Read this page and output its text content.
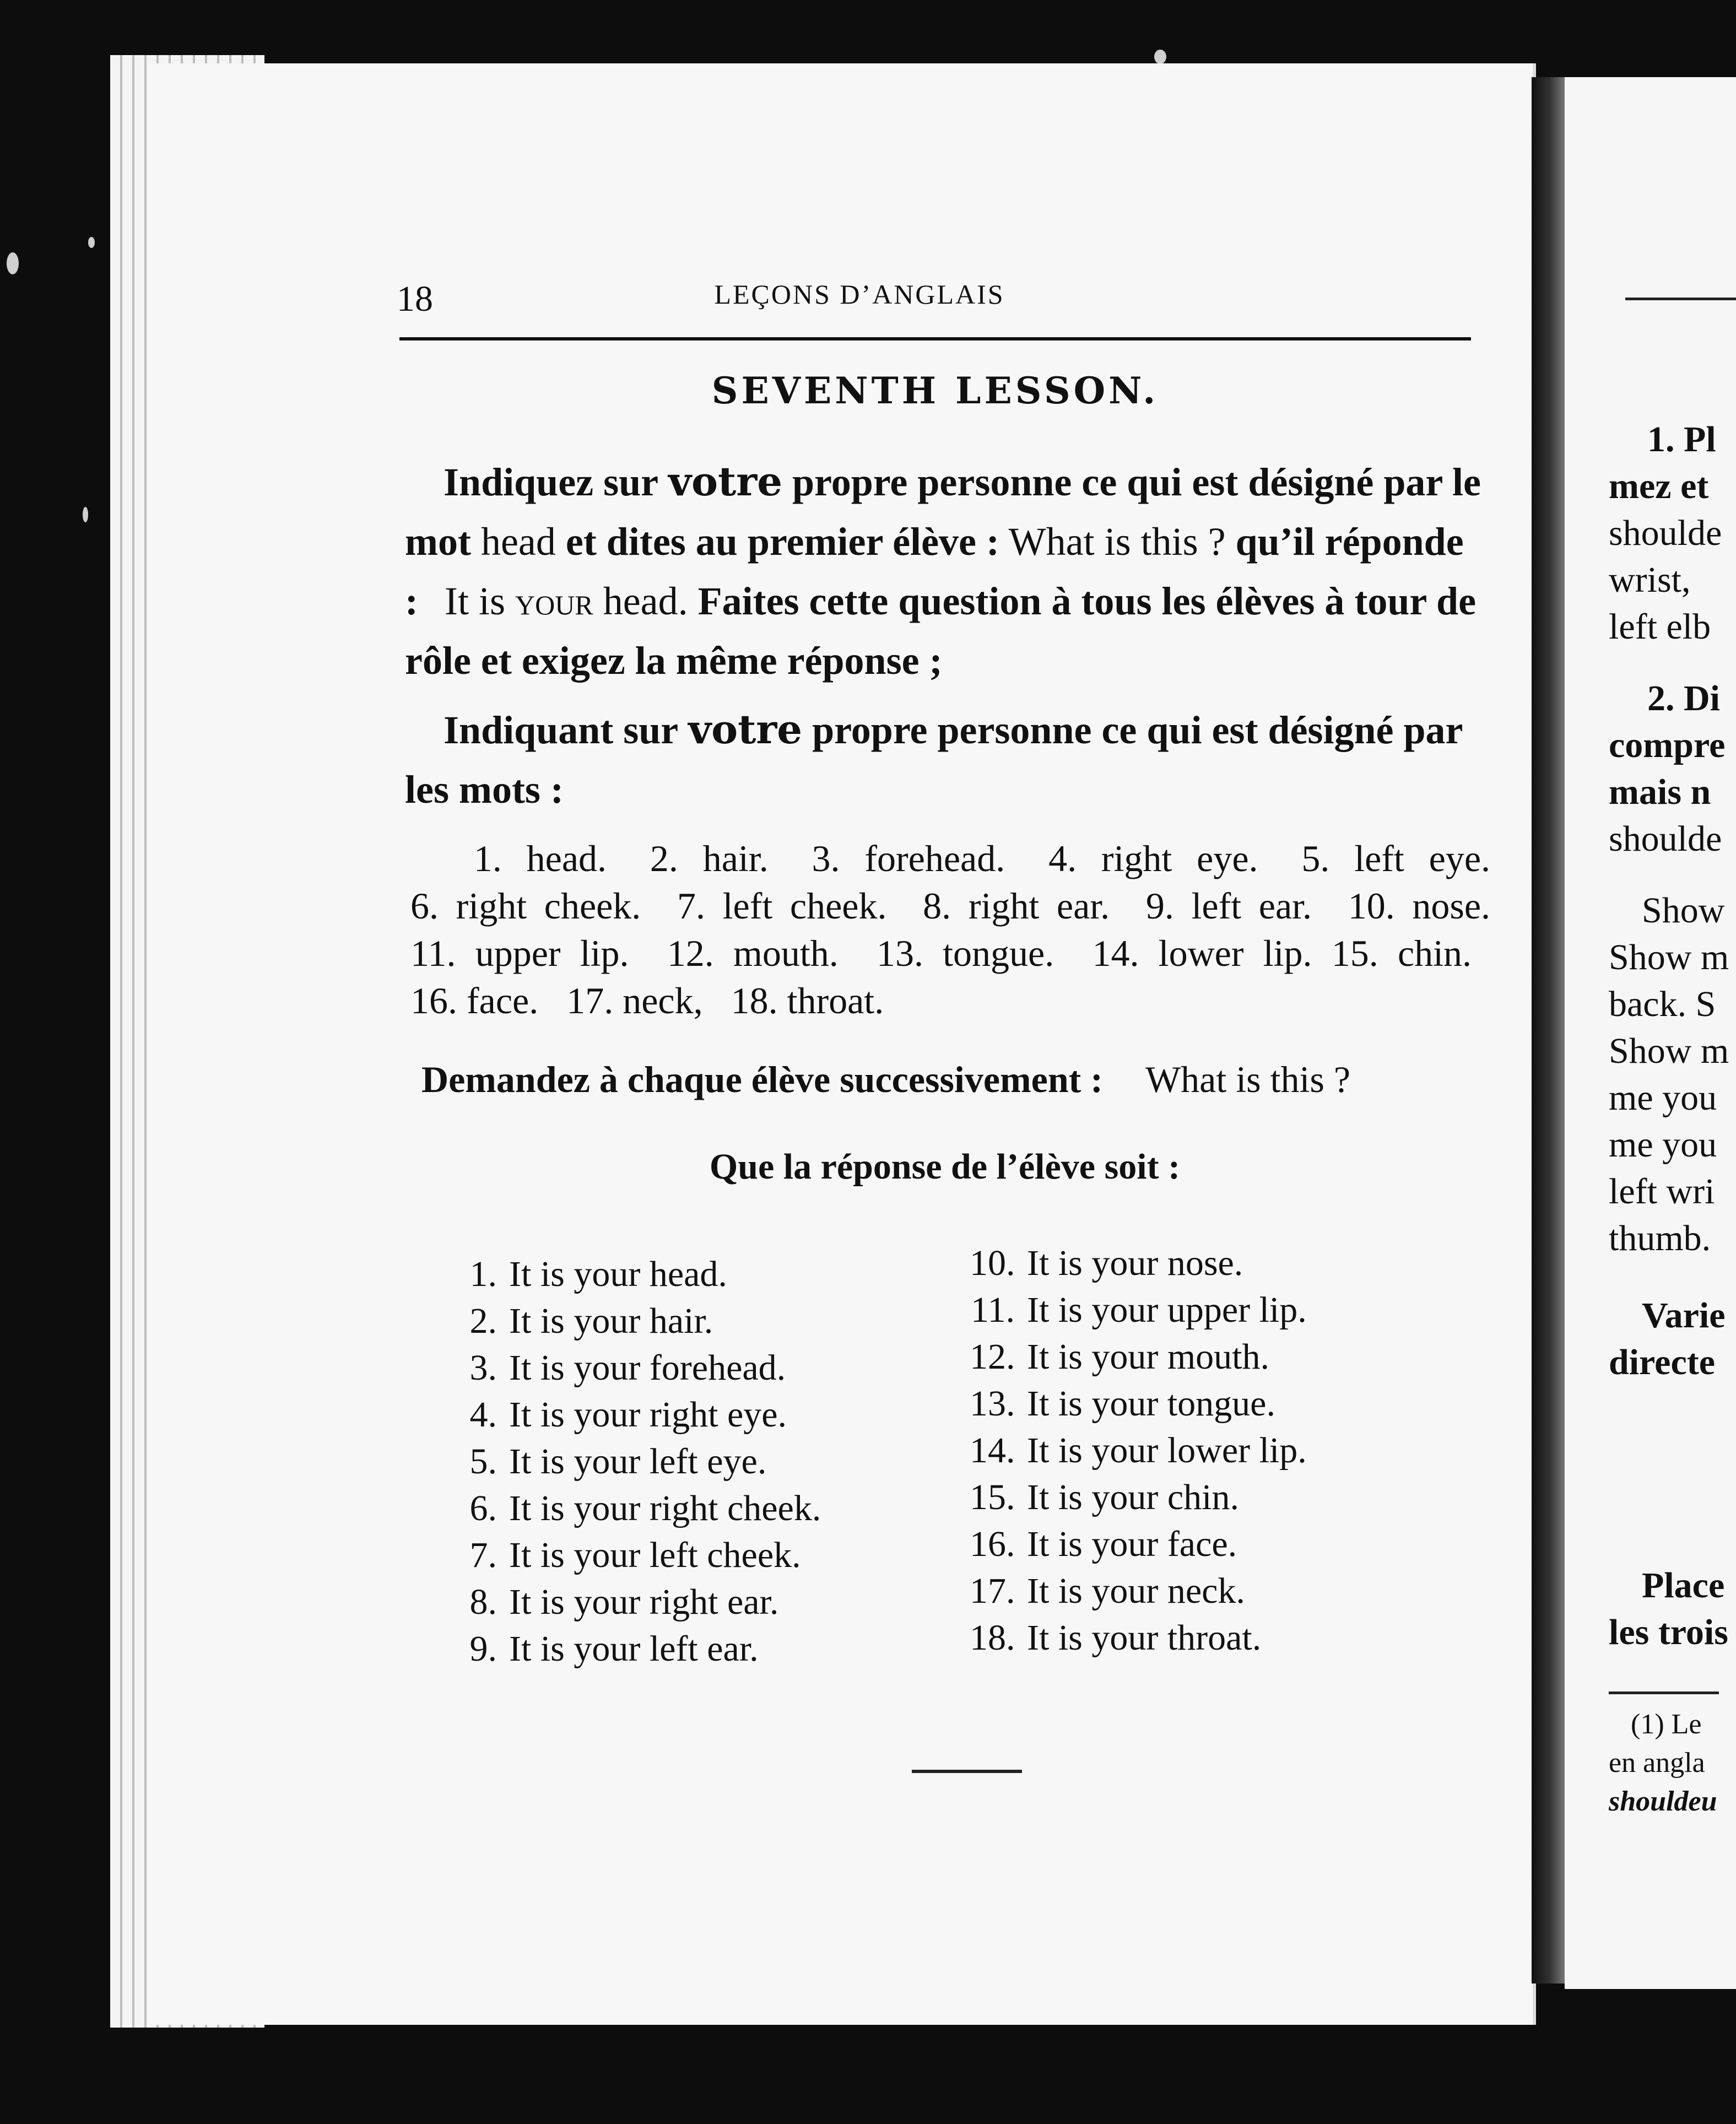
18	LEÇONS D’ANGLAIS
SEVENTH LESSON.

Indiquez sur votre propre personne ce qui est désigné par le mot head et dites au premier élève : What is this ? qu’il réponde : It is your head. Faites cette question à tous les élèves à tour de rôle et exigez la même réponse ;

Indiquant sur votre propre personne ce qui est désigné par les mots :

1. head.  2. hair.  3. forehead.  4. right eye.  5. left eye. 6. right cheek.  7. left cheek.  8. right ear.  9. left ear.  10. nose. 11. upper lip.  12. mouth.  13. tongue.  14. lower lip. 15. chin.  16. face.  17. neck,  18. throat.
Demandez à chaque élève successivement : What is this ?
Que la réponse de l’élève soit :
1. It is your head.
2. It is your hair.
3. It is your forehead.
4. It is your right eye.
5. It is your left eye.
6. It is your right cheek.
7. It is your left cheek.
8. It is your right ear.
9. It is your left ear.
10. It is your nose.
11. It is your upper lip.
12. It is your mouth.
13. It is your tongue.
14. It is your lower lip.
15. It is your chin.
16. It is your face.
17. It is your neck.
18. It is your throat.
1. Pl
mez et
shoulde
wrist,
left elb
2. Di
compre
mais n
shoulde
Show
Show m
back. S
Show m
me you
me you
left wri
thumb.
Varie
directe
Place
les trois
(1) Le
en angla
shouldeu
